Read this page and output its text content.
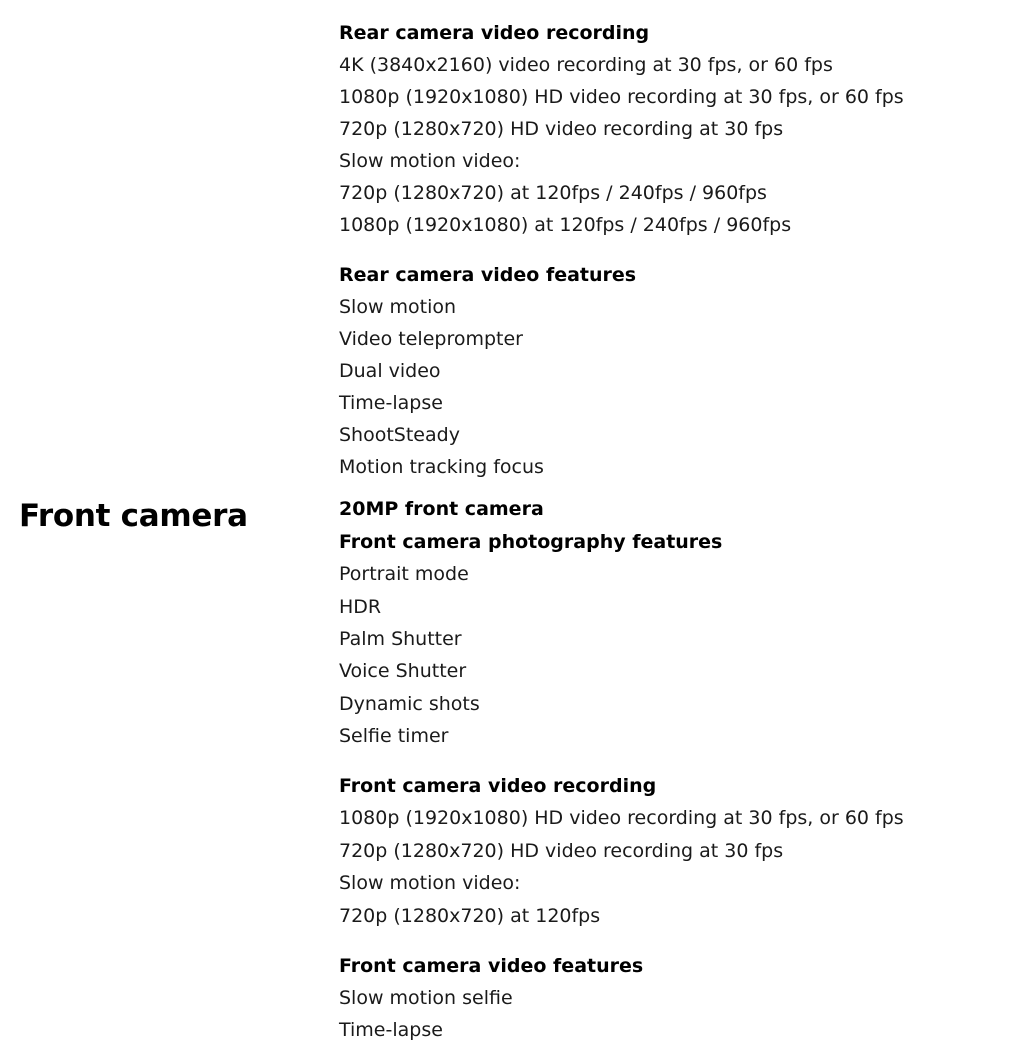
Front camera
Rear camera video recording
4K (3840x2160) video recording at 30 fps, or 60 fps
1080p (1920x1080) HD video recording at 30 fps, or 60 fps
720p (1280x720) HD video recording at 30 fps
Slow motion video:
720p (1280x720) at 120fps / 240fps / 960fps
1080p (1920x1080) at 120fps / 240fps / 960fps
Rear camera video features
Slow motion
Video teleprompter
Dual video
Time-lapse
ShootSteady
Motion tracking focus
20MP front camera
Front camera photography features
Portrait mode
HDR
Palm Shutter
Voice Shutter
Dynamic shots
Selfie timer
Front camera video recording
1080p (1920x1080) HD video recording at 30 fps, or 60 fps
720p (1280x720) HD video recording at 30 fps
Slow motion video:
720p (1280x720) at 120fps
Front camera video features
Slow motion selfie
Time-lapse
